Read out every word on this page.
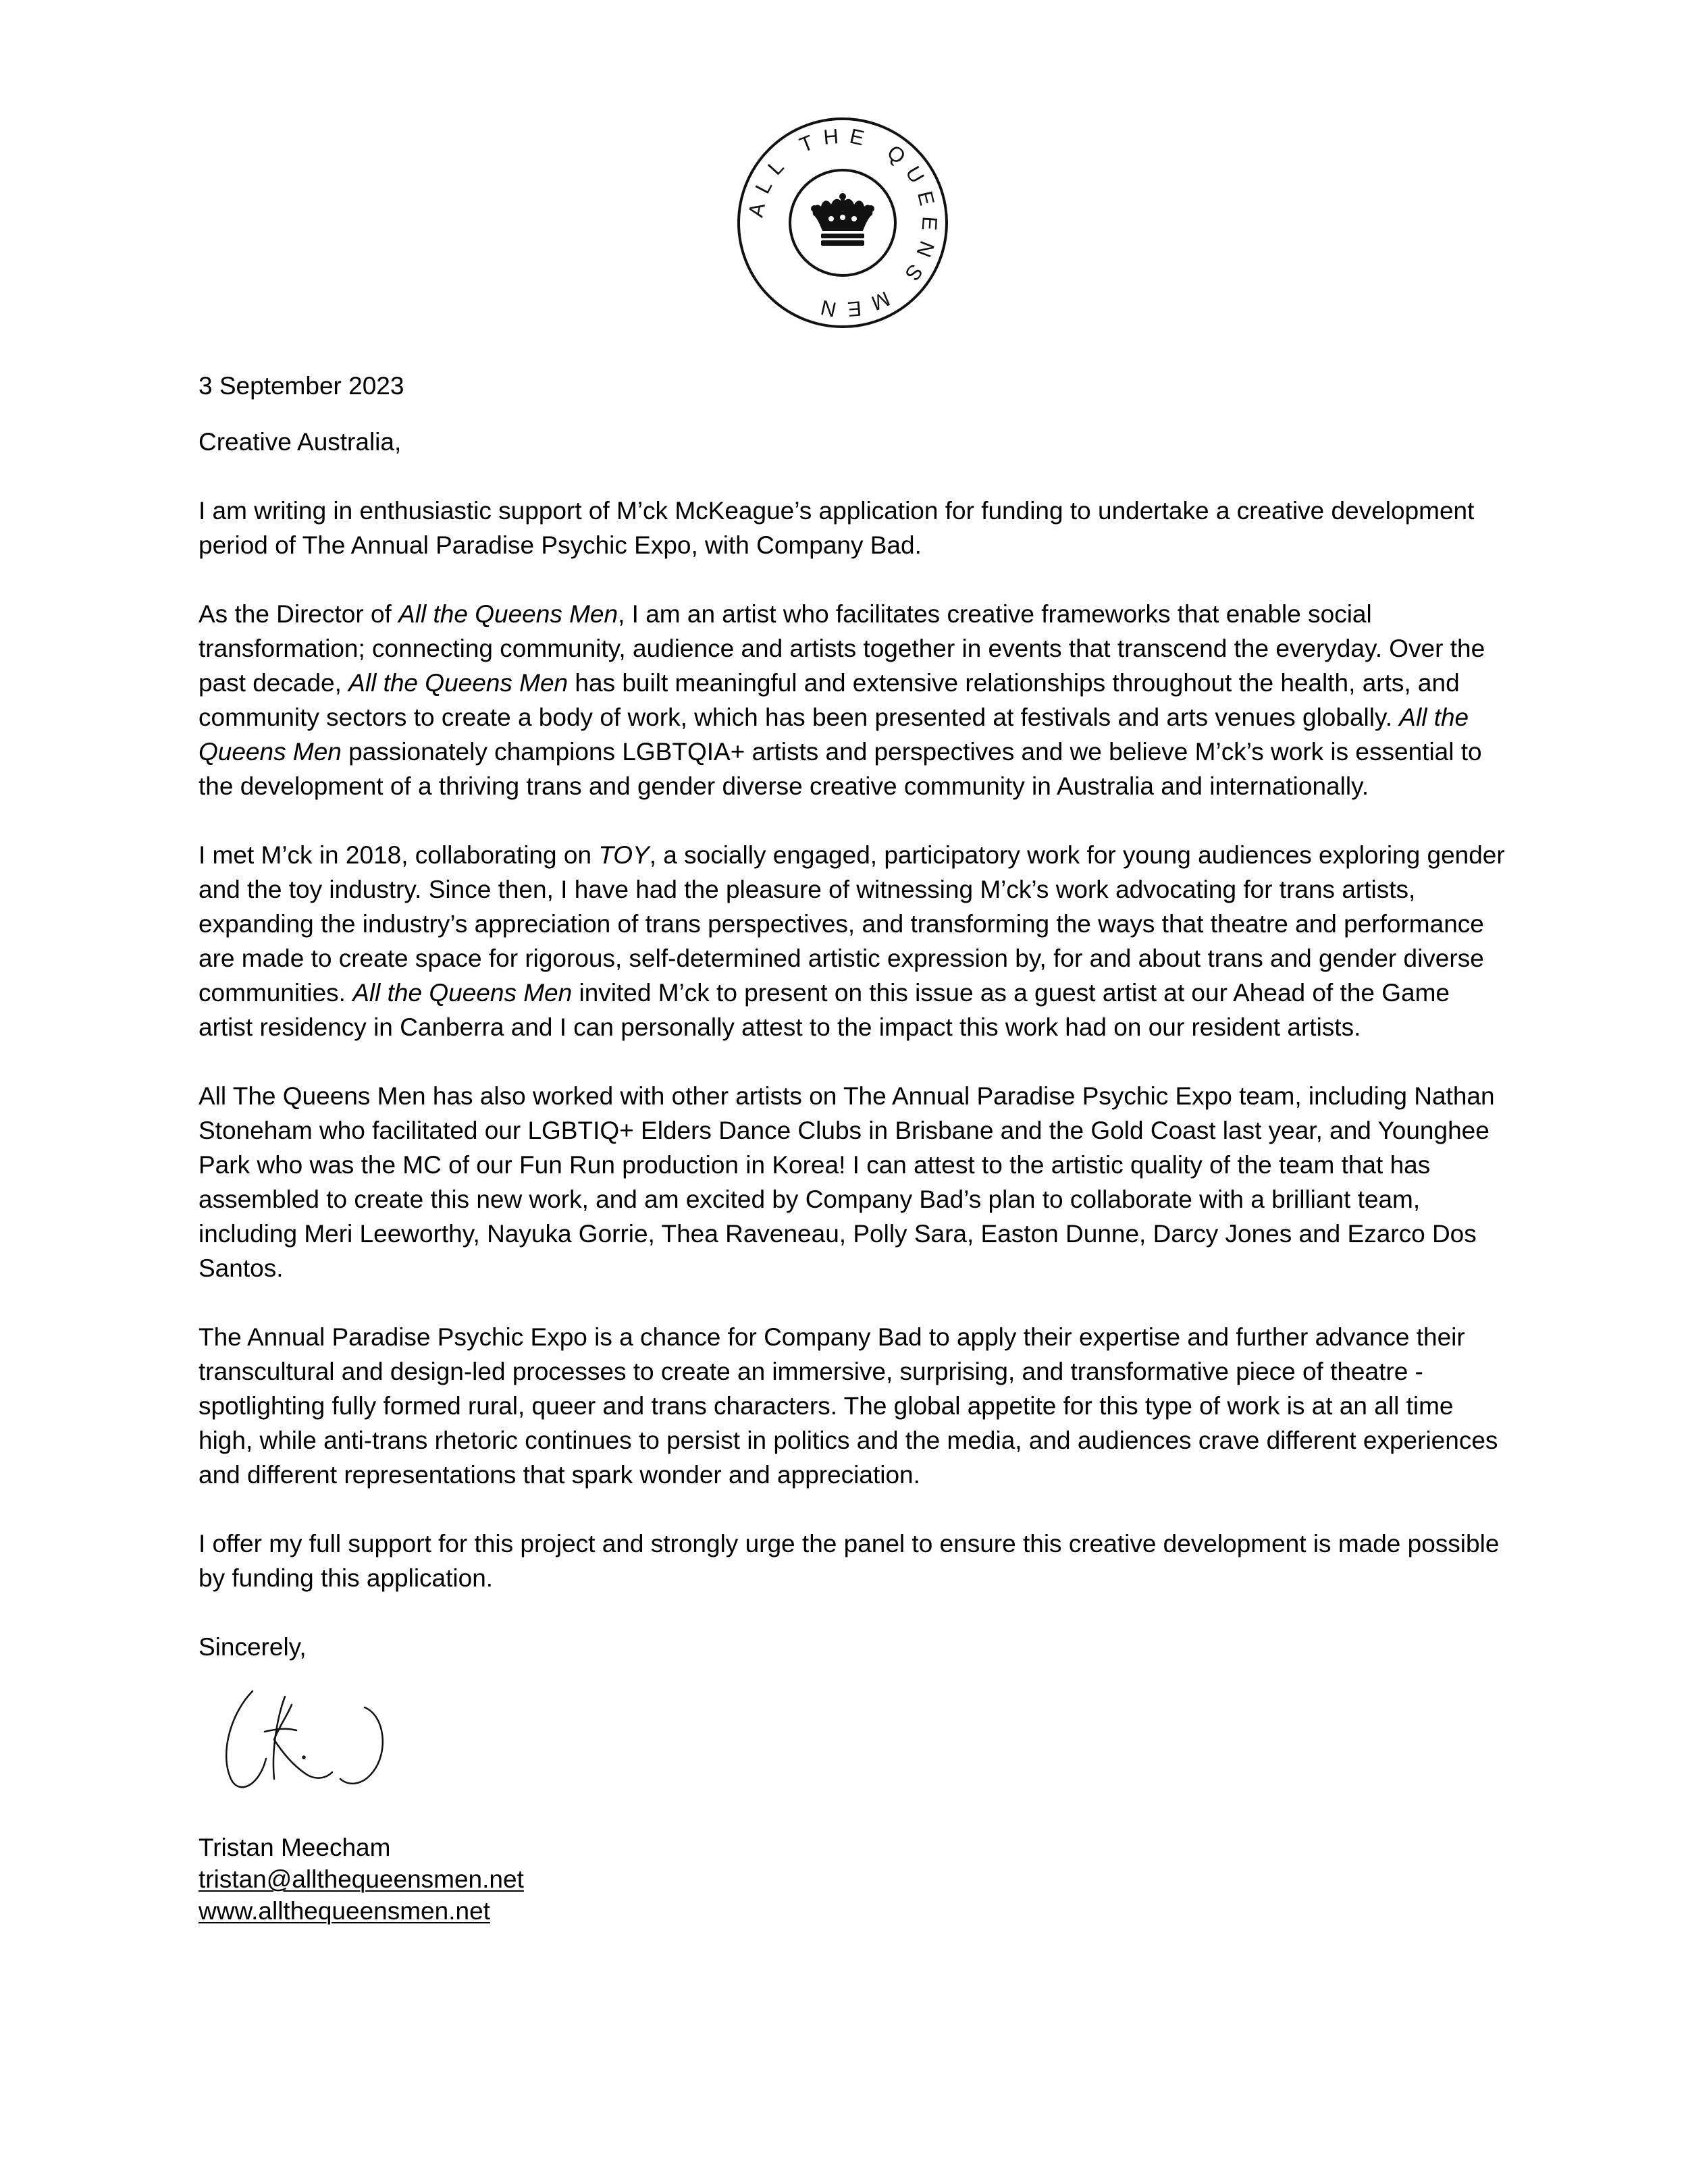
ALL THE QUEENS MEN

3 September 2023

Creative Australia,

I am writing in enthusiastic support of M’ck McKeague’s application for funding to undertake a creative development period of The Annual Paradise Psychic Expo, with Company Bad.

As the Director of All the Queens Men, I am an artist who facilitates creative frameworks that enable social transformation; connecting community, audience and artists together in events that transcend the everyday. Over the past decade, All the Queens Men has built meaningful and extensive relationships throughout the health, arts, and community sectors to create a body of work, which has been presented at festivals and arts venues globally. All the Queens Men passionately champions LGBTQIA+ artists and perspectives and we believe M’ck’s work is essential to the development of a thriving trans and gender diverse creative community in Australia and internationally.

I met M’ck in 2018, collaborating on TOY, a socially engaged, participatory work for young audiences exploring gender and the toy industry. Since then, I have had the pleasure of witnessing M’ck’s work advocating for trans artists, expanding the industry’s appreciation of trans perspectives, and transforming the ways that theatre and performance are made to create space for rigorous, self-determined artistic expression by, for and about trans and gender diverse communities. All the Queens Men invited M’ck to present on this issue as a guest artist at our Ahead of the Game artist residency in Canberra and I can personally attest to the impact this work had on our resident artists.

All The Queens Men has also worked with other artists on The Annual Paradise Psychic Expo team, including Nathan Stoneham who facilitated our LGBTIQ+ Elders Dance Clubs in Brisbane and the Gold Coast last year, and Younghee Park who was the MC of our Fun Run production in Korea! I can attest to the artistic quality of the team that has assembled to create this new work, and am excited by Company Bad’s plan to collaborate with a brilliant team, including Meri Leeworthy, Nayuka Gorrie, Thea Raveneau, Polly Sara, Easton Dunne, Darcy Jones and Ezarco Dos Santos.

The Annual Paradise Psychic Expo is a chance for Company Bad to apply their expertise and further advance their transcultural and design-led processes to create an immersive, surprising, and transformative piece of theatre - spotlighting fully formed rural, queer and trans characters. The global appetite for this type of work is at an all time high, while anti-trans rhetoric continues to persist in politics and the media, and audiences crave different experiences and different representations that spark wonder and appreciation.

I offer my full support for this project and strongly urge the panel to ensure this creative development is made possible by funding this application.

Sincerely,

Tristan Meecham

tristan@allthequeensmen.net

www.allthequeensmen.net
